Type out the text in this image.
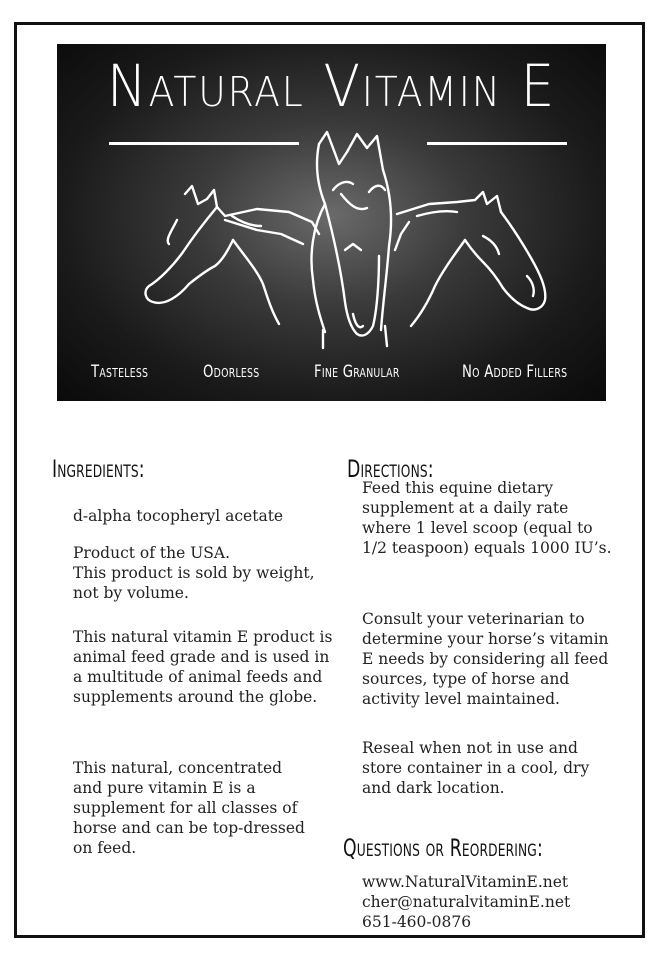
Natural Vitamin E
Tasteless	Odorless	Fine Granular	No Added Fillers
Ingredients:

d-alpha tocopheryl acetate

Product of the USA.
This product is sold by weight, not by volume.

This natural vitamin E product is animal feed grade and is used in a multitude of animal feeds and supplements around the globe.

This natural, concentrated and pure vitamin E is a supplement for all classes of horse and can be top-dressed on feed.

Directions:

Feed this equine dietary supplement at a daily rate where 1 level scoop (equal to 1/2 teaspoon) equals 1000 IU’s.

Consult your veterinarian to determine your horse’s vitamin E needs by considering all feed sources, type of horse and activity level maintained.

Reseal when not in use and store container in a cool, dry and dark location.

Questions or Reordering:

www.NaturalVitaminE.net

cher@naturalvitaminE.net

651-460-0876
